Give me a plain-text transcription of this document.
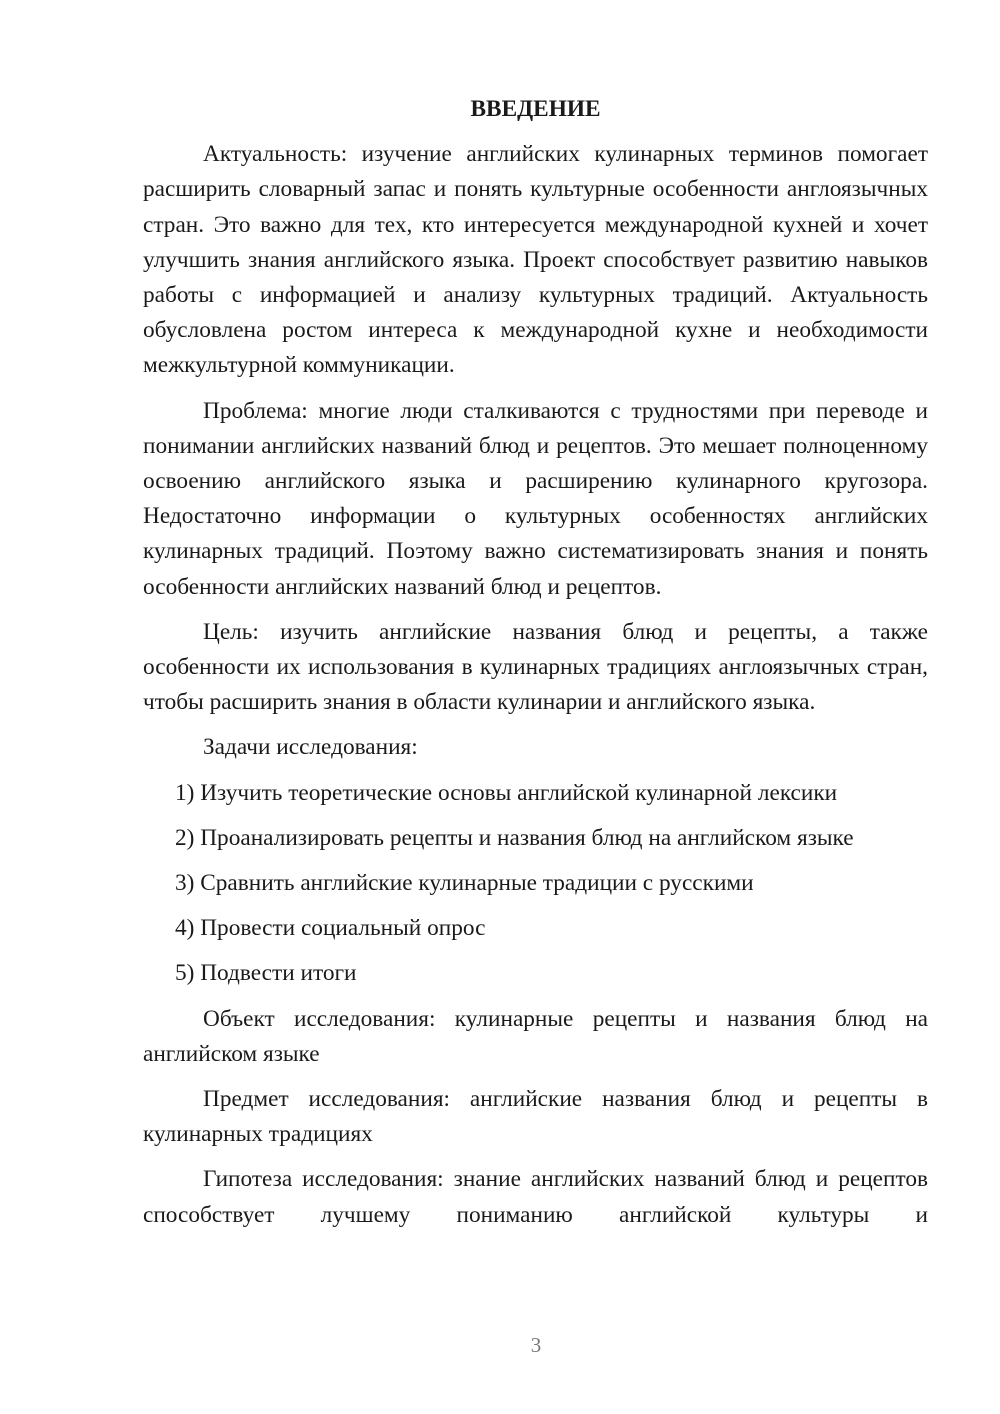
ВВЕДЕНИЕ

Актуальность: изучение английских кулинарных терминов помогает расширить словарный запас и понять культурные особенности англоязычных стран. Это важно для тех, кто интересуется международной кухней и хочет улучшить знания английского языка. Проект способствует развитию навыков работы с информацией и анализу культурных традиций. Актуальность обусловлена ростом интереса к международной кухне и необходимости межкультурной коммуникации.

Проблема: многие люди сталкиваются с трудностями при переводе и понимании английских названий блюд и рецептов. Это мешает полноценному освоению английского языка и расширению кулинарного кругозора. Недостаточно информации о культурных особенностях английских кулинарных традиций. Поэтому важно систематизировать знания и понять особенности английских названий блюд и рецептов.

Цель: изучить английские названия блюд и рецепты, а также особенности их использования в кулинарных традициях англоязычных стран, чтобы расширить знания в области кулинарии и английского языка.

Задачи исследования:

1) Изучить теоретические основы английской кулинарной лексики

2) Проанализировать рецепты и названия блюд на английском языке

3) Сравнить английские кулинарные традиции с русскими

4) Провести социальный опрос

5) Подвести итоги

Объект исследования: кулинарные рецепты и названия блюд на английском языке

Предмет исследования: английские названия блюд и рецепты в кулинарных традициях

Гипотеза исследования: знание английских названий блюд и рецептов способствует лучшему пониманию английской культуры и

3
